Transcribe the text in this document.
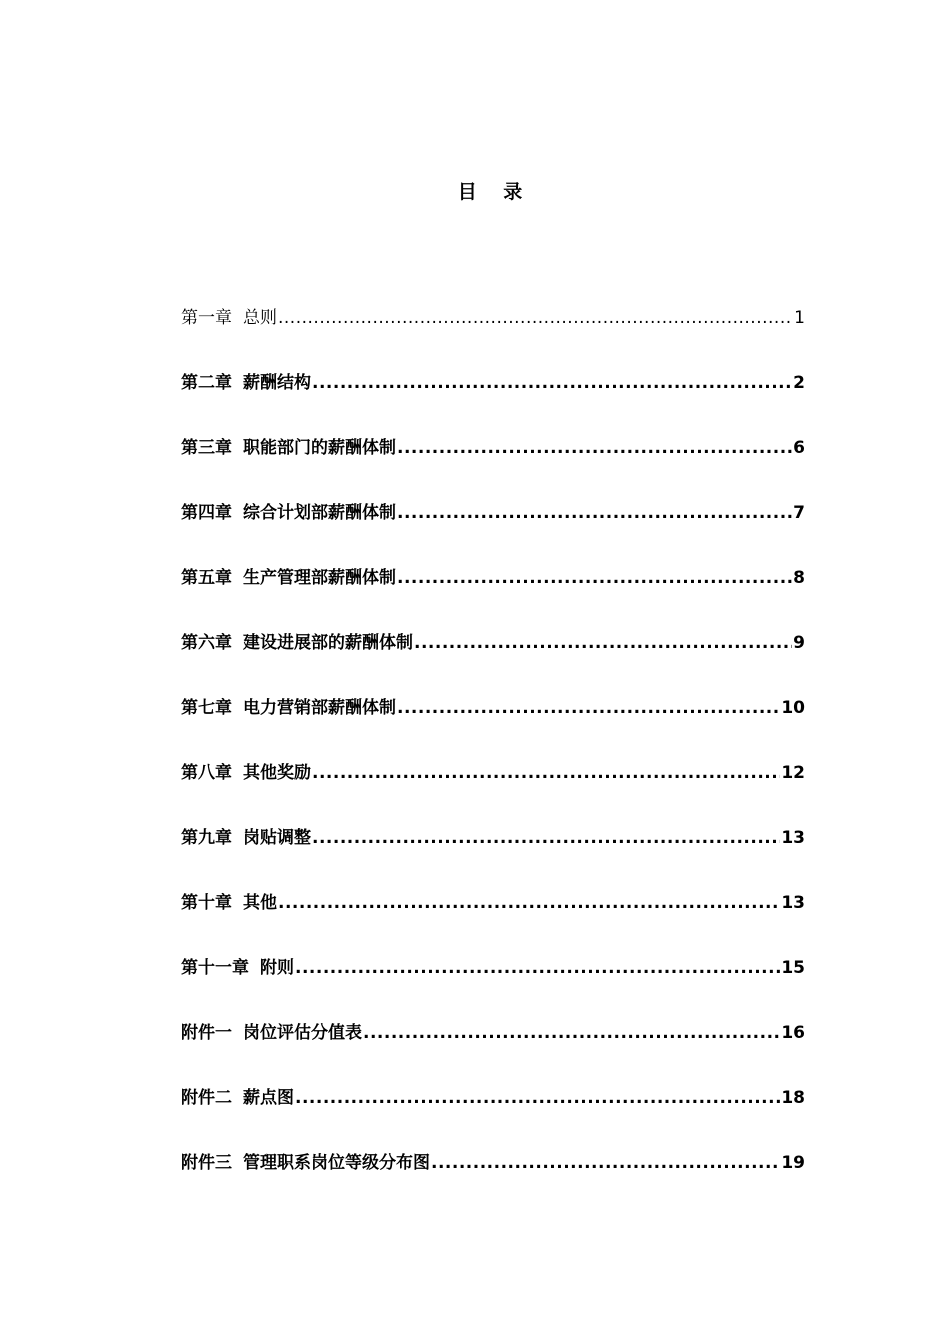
目 录
第一章 总则 .....	1
第二章 薪酬结构 .....	2
第三章 职能部门的薪酬体制 .....	6
第四章 综合计划部薪酬体制 .....	7
第五章 生产管理部薪酬体制 .....	8
第六章 建设进展部的薪酬体制 .....	9
第七章 电力营销部薪酬体制 .....	10
第八章 其他奖励 .....	12
第九章 岗贴调整 .....	13
第十章 其他 .....	13
第十一章 附则 .....	15
附件一 岗位评估分值表 .....	16
附件二 薪点图 .....	18
附件三 管理职系岗位等级分布图 .....	19
